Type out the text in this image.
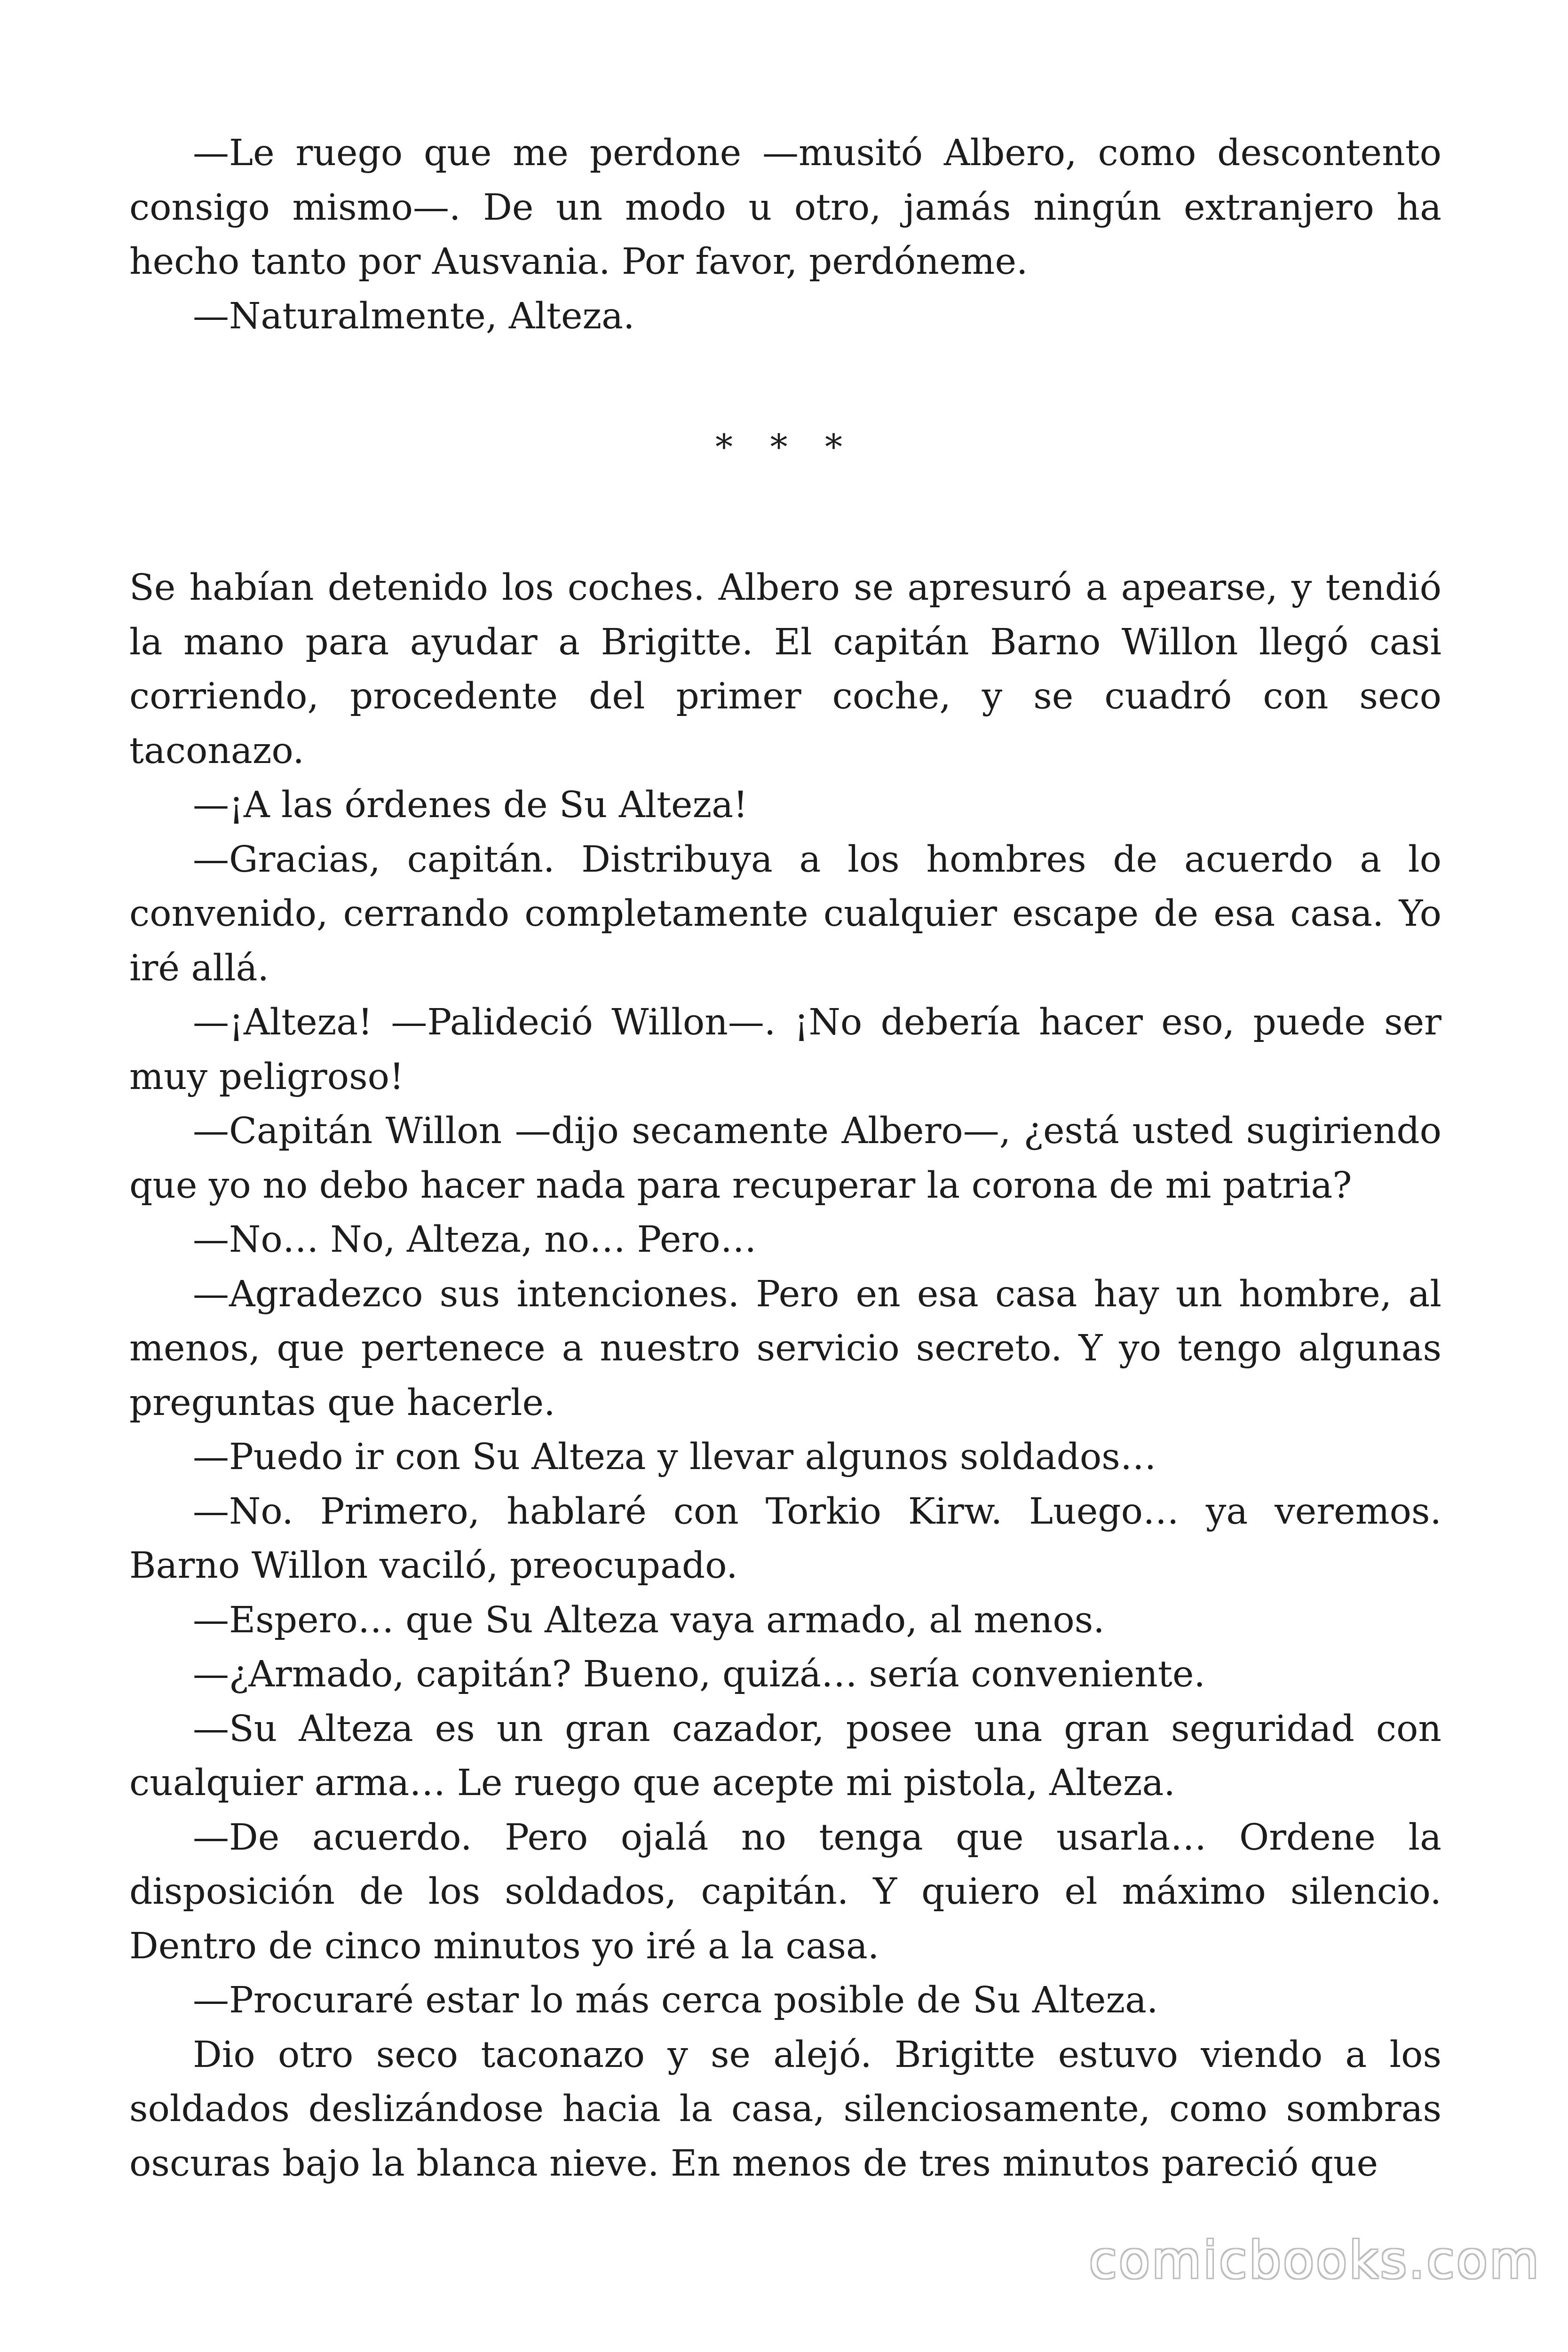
—Le ruego que me perdone —musitó Albero, como descontento consigo mismo—. De un modo u otro, jamás ningún extranjero ha hecho tanto por Ausvania. Por favor, perdóneme.

—Naturalmente, Alteza.

* * *

Se habían detenido los coches. Albero se apresuró a apearse, y tendió la mano para ayudar a Brigitte. El capitán Barno Willon llegó casi corriendo, procedente del primer coche, y se cuadró con seco taconazo.

—¡A las órdenes de Su Alteza!

—Gracias, capitán. Distribuya a los hombres de acuerdo a lo convenido, cerrando completamente cualquier escape de esa casa. Yo iré allá.

—¡Alteza! —Palideció Willon—. ¡No debería hacer eso, puede ser muy peligroso!

—Capitán Willon —dijo secamente Albero—, ¿está usted sugiriendo que yo no debo hacer nada para recuperar la corona de mi patria?

—No… No, Alteza, no… Pero…

—Agradezco sus intenciones. Pero en esa casa hay un hombre, al menos, que pertenece a nuestro servicio secreto. Y yo tengo algunas preguntas que hacerle.

—Puedo ir con Su Alteza y llevar algunos soldados…

—No. Primero, hablaré con Torkio Kirw. Luego… ya veremos. Barno Willon vaciló, preocupado.

—Espero… que Su Alteza vaya armado, al menos.

—¿Armado, capitán? Bueno, quizá… sería conveniente.

—Su Alteza es un gran cazador, posee una gran seguridad con cualquier arma… Le ruego que acepte mi pistola, Alteza.

—De acuerdo. Pero ojalá no tenga que usarla… Ordene la disposición de los soldados, capitán. Y quiero el máximo silencio. Dentro de cinco minutos yo iré a la casa.

—Procuraré estar lo más cerca posible de Su Alteza.

Dio otro seco taconazo y se alejó. Brigitte estuvo viendo a los soldados deslizándose hacia la casa, silenciosamente, como sombras oscuras bajo la blanca nieve. En menos de tres minutos pareció que

comicbooks.com
